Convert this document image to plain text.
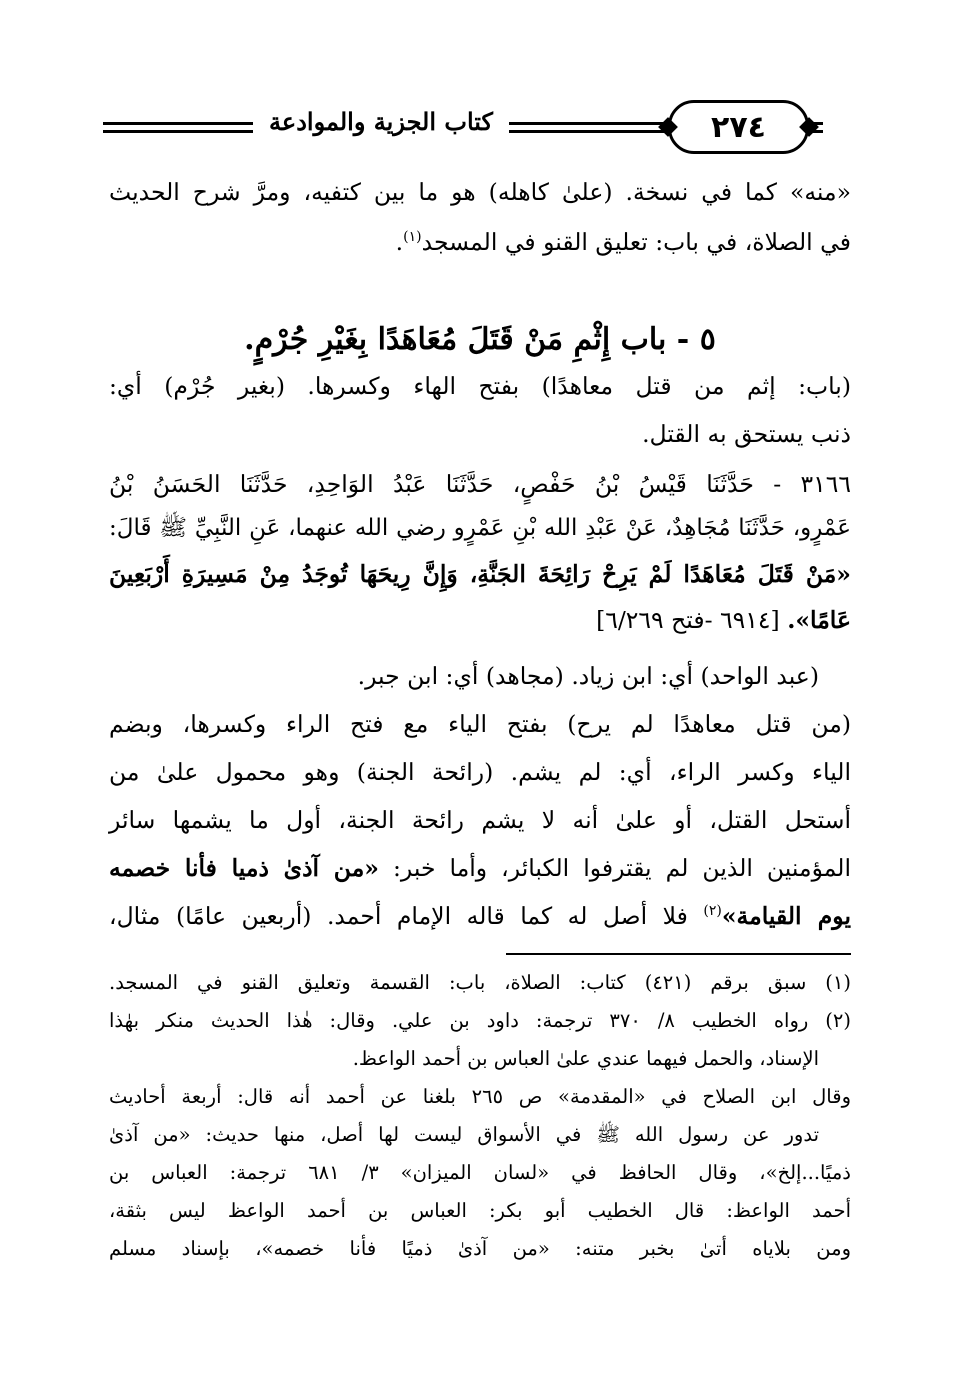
كتاب الجزية والموادعة	٢٧٤
«منه» كما في نسخة. (علىٰ كاهله) هو ما بين كتفيه، ومرَّ شرح الحديث
في الصلاة، في باب: تعليق القنو في المسجد$^{(١)}$.
٥ - باب إِثْمِ مَنْ قَتَلَ مُعَاهَدًا بِغَيْرِ جُرْمٍ.
(باب: إثم من قتل معاهدًا) بفتح الهاء وكسرها. (بغير جُرْم) أي:
ذنب يستحق به القتل.
٣١٦٦ - حَدَّثَنَا قَيْسُ بْنُ حَفْصٍ، حَدَّثَنَا عَبْدُ الوَاحِدِ، حَدَّثَنَا الحَسَنُ بْنُ
عَمْرٍو، حَدَّثَنَا مُجَاهِدٌ، عَنْ عَبْدِ الله بْنِ عَمْرٍو رضي الله عنهما، عَنِ النَّبِيِّ ﷺ قَالَ:
«مَنْ قَتَلَ مُعَاهَدًا لَمْ يَرِحْ رَائِحَةَ الجَنَّةِ، وَإِنَّ رِيحَهَا تُوجَدُ مِنْ مَسِيرَةِ أَرْبَعِينَ
عَامًا». [٦٩١٤ -فتح ٦/٢٦٩]
(عبد الواحد) أي: ابن زياد. (مجاهد) أي: ابن جبر.
(من قتل معاهدًا لم يرح) بفتح الياء مع فتح الراء وكسرها، وبضم
الياء وكسر الراء، أي: لم يشم. (رائحة الجنة) وهو محمول علىٰ من
أستحل القتل، أو علىٰ أنه لا يشم رائحة الجنة، أول ما يشمها سائر
المؤمنين الذين لم يقترفوا الكبائر، وأما خبر: «من آذىٰ ذميا فأنا خصمه
يوم القيامة»$^{(٢)}$ فلا أصل له كما قاله الإمام أحمد. (أربعين عامًا) مثال،
(١) سبق برقم (٤٢١) كتاب: الصلاة، باب: القسمة وتعليق القنو في المسجد.
(٢) رواه الخطيب ٨/ ٣٧٠ ترجمة: داود بن علي. وقال: هٰذا الحديث منكر بهٰذا
الإسناد، والحمل فيهما عندي علىٰ العباس بن أحمد الواعظ.
وقال ابن الصلاح في «المقدمة» ص ٢٦٥ بلغنا عن أحمد أنه قال: أربعة أحاديث
تدور عن رسول الله ﷺ في الأسواق ليست لها أصل، منها حديث: «من آذىٰ
ذميًا...إلخ»، وقال الحافظ في «لسان الميزان» ٣/ ٦٨١ ترجمة: العباس بن
أحمد الواعظ: قال الخطيب أبو بكر: العباس بن أحمد الواعظ ليس بثقة،
ومن بلاياه أتىٰ بخبر متنه: «من آذىٰ ذميًا فأنا خصمه»، بإسناد مسلم
